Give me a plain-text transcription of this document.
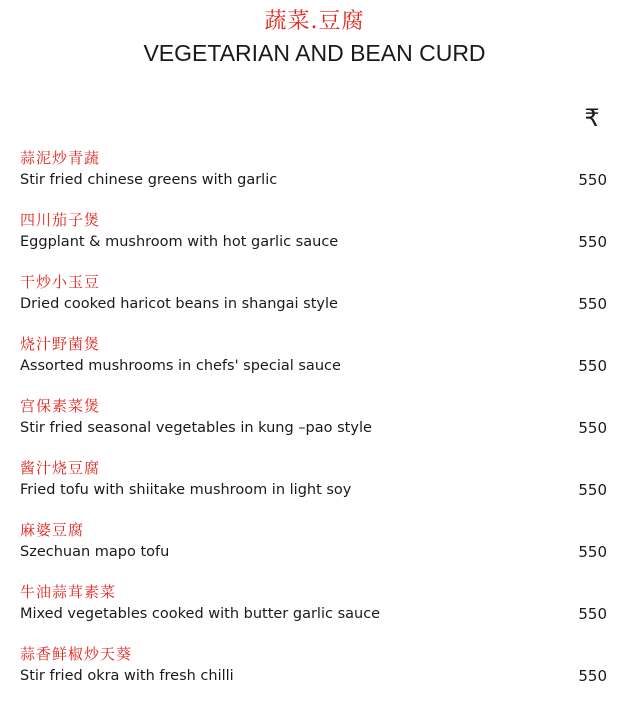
蔬菜.豆腐
VEGETARIAN AND BEAN CURD
₹
蒜泥炒青蔬
Stir fried chinese greens with garlic	550
四川茄子煲
Eggplant & mushroom with hot garlic sauce	550
干炒小玉豆
Dried cooked haricot beans in shangai style	550
烧汁野菌煲
Assorted mushrooms in chefs' special sauce	550
宫保素菜煲
Stir fried seasonal vegetables in kung –pao style	550
酱汁烧豆腐
Fried tofu with shiitake mushroom in light soy	550
麻婆豆腐
Szechuan mapo tofu	550
牛油蒜茸素菜
Mixed vegetables cooked with butter garlic sauce	550
蒜香鲜椒炒天葵
Stir fried okra with fresh chilli	550
